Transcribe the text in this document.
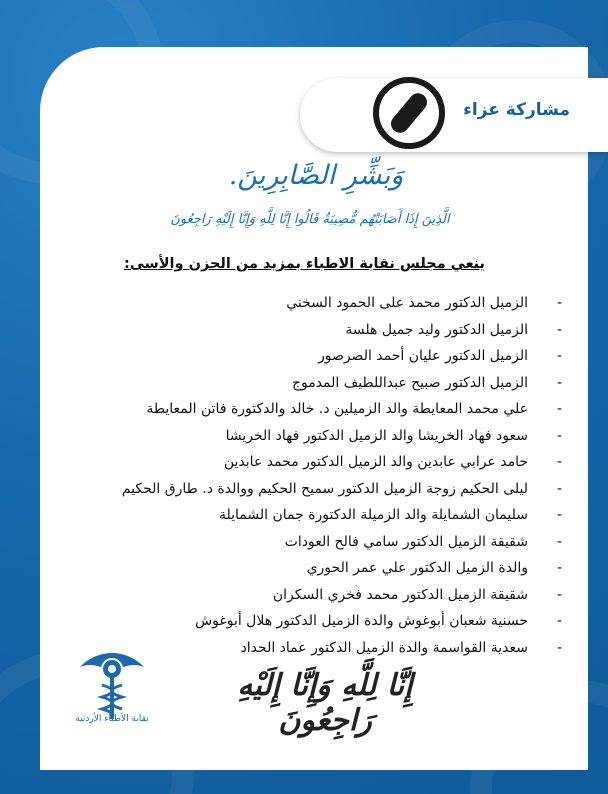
مشاركة عزاء
وَبَشِّرِ الصَّابِرِينَ.
الَّذِينَ إِذَا أَصَابَتْهُم مُّصِيبَةٌ قَالُوا إِنَّا لِلَّهِ وَإِنَّا إِلَيْهِ رَاجِعُونَ
ينعي مجلس نقابة الاطباء بمزيد من الحزن والأسى:
-
الزميل الدكتور محمد على الحمود السخني
-
الزميل الدكتور وليد جميل هلسة
-
الزميل الدكتور عليان أحمد الصرصور
-
الزميل الدكتور صبيح عبداللطيف المدموج
-
علي محمد المعايطة والد الزميلين د. خالد والدكتورة فاتن المعايطة
-
سعود فهاد الخريشا والد الزميل الدكتور فهاد الخريشا
-
حامد عرابي عابدين والد الزميل الدكتور محمد عابدين
-
ليلى الحكيم زوجة الزميل الدكتور سميح الحكيم ووالدة د. طارق الحكيم
-
سليمان الشمايلة والد الزميلة الدكتورة جمان الشمايلة
-
شقيقة الزميل الدكتور سامي فالح العودات
-
والدة الزميل الدكتور علي عمر الحوري
-
شقيقة الزميل الدكتور محمد فخري السكران
-
حسنية شعبان أبوغوش والدة الزميل الدكتور هلال أبوغوش
-
سعدية القواسمة والدة الزميل الدكتور عماد الحداد
نقابة الأطباء الأردنية
إِنَّا لِلَّهِ وَإِنَّا إِلَيْهِ رَاجِعُونَ
